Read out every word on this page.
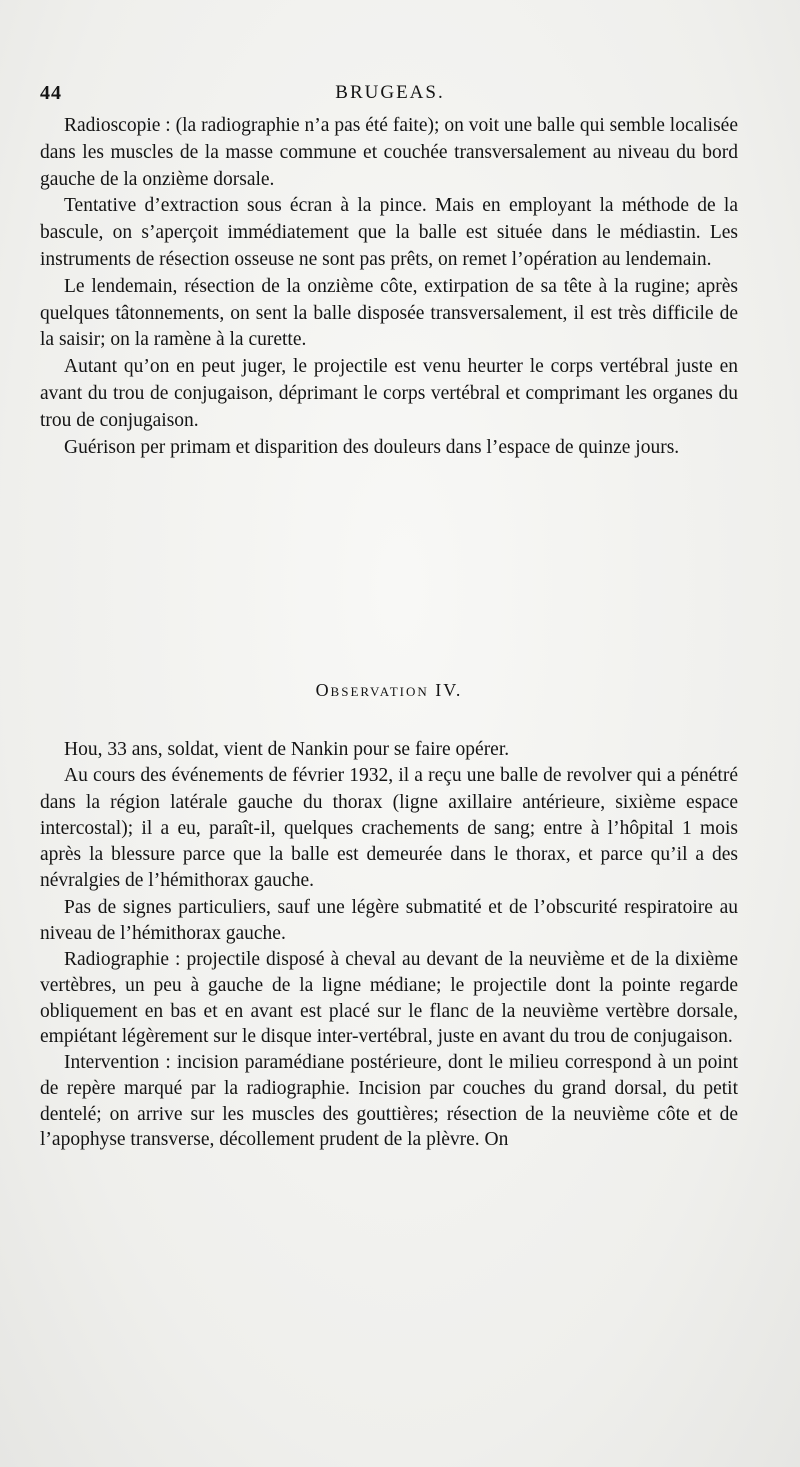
44	BRUGEAS.

Radioscopie : (la radiographie n’a pas été faite); on voit une balle qui semble localisée dans les muscles de la masse commune et couchée transversalement au niveau du bord gauche de la onzième dorsale.

Tentative d’extraction sous écran à la pince. Mais en employant la méthode de la bascule, on s’aperçoit immédiatement que la balle est située dans le médiastin. Les instruments de résection osseuse ne sont pas prêts, on remet l’opération au lendemain.

Le lendemain, résection de la onzième côte, extirpation de sa tête à la rugine; après quelques tâtonnements, on sent la balle disposée transversalement, il est très difficile de la saisir; on la ramène à la curette.

Autant qu’on en peut juger, le projectile est venu heurter le corps vertébral juste en avant du trou de conjugaison, déprimant le corps vertébral et comprimant les organes du trou de conjugaison.

Guérison per primam et disparition des douleurs dans l’espace de quinze jours.

Observation IV.

Hou, 33 ans, soldat, vient de Nankin pour se faire opérer.

Au cours des événements de février 1932, il a reçu une balle de revolver qui a pénétré dans la région latérale gauche du thorax (ligne axillaire antérieure, sixième espace intercostal); il a eu, paraît-il, quelques crachements de sang; entre à l’hôpital 1 mois après la blessure parce que la balle est demeurée dans le thorax, et parce qu’il a des névralgies de l’hémithorax gauche.

Pas de signes particuliers, sauf une légère submatité et de l’obscurité respiratoire au niveau de l’hémithorax gauche.

Radiographie : projectile disposé à cheval au devant de la neuvième et de la dixième vertèbres, un peu à gauche de la ligne médiane; le projectile dont la pointe regarde obliquement en bas et en avant est placé sur le flanc de la neuvième vertèbre dorsale, empiétant légèrement sur le disque inter-vertébral, juste en avant du trou de conjugaison.

Intervention : incision paramédiane postérieure, dont le milieu correspond à un point de repère marqué par la radiographie. Incision par couches du grand dorsal, du petit dentelé; on arrive sur les muscles des gouttières; résection de la neuvième côte et de l’apophyse transverse, décollement prudent de la plèvre. On
